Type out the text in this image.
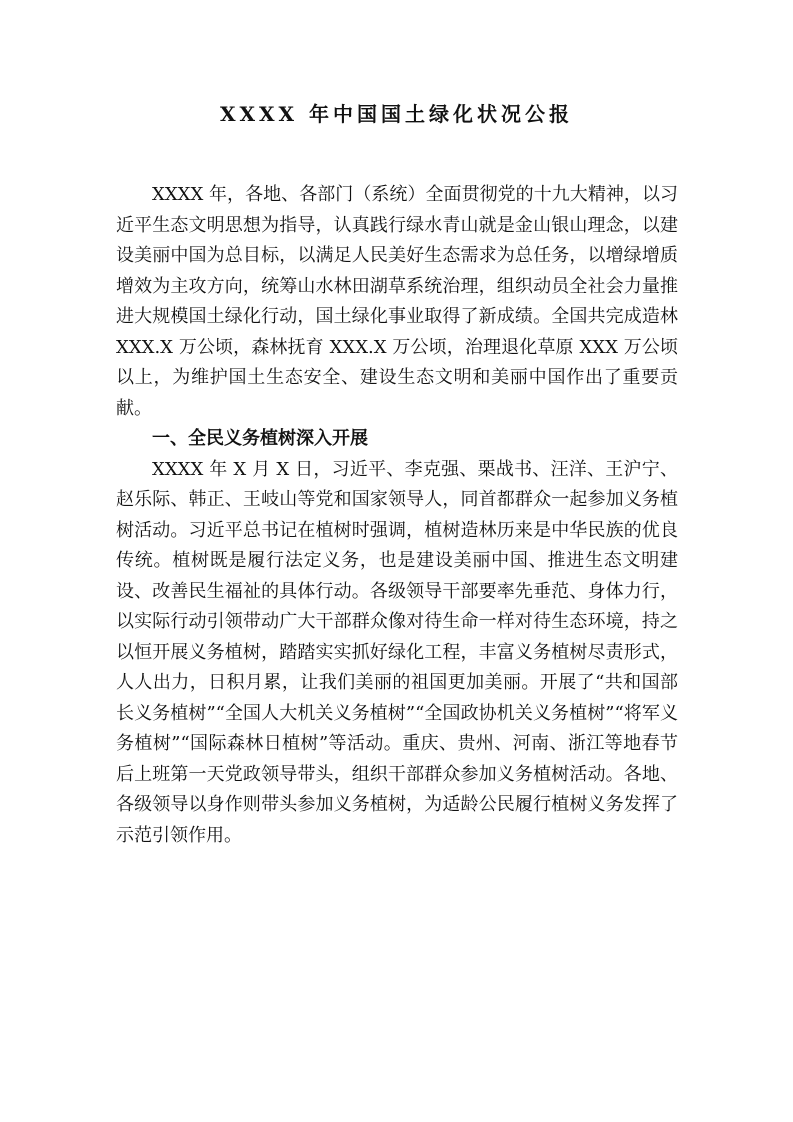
XXXX 年中国国土绿化状况公报

XXXX 年，各地、各部门（系统）全面贯彻党的十九大精神，以习近平生态文明思想为指导，认真践行绿水青山就是金山银山理念，以建设美丽中国为总目标，以满足人民美好生态需求为总任务，以增绿增质增效为主攻方向，统筹山水林田湖草系统治理，组织动员全社会力量推进大规模国土绿化行动，国土绿化事业取得了新成绩。全国共完成造林 XXX.X 万公顷，森林抚育 XXX.X 万公顷，治理退化草原 XXX 万公顷以上，为维护国土生态安全、建设生态文明和美丽中国作出了重要贡献。

一、全民义务植树深入开展

XXXX 年 X 月 X 日，习近平、李克强、栗战书、汪洋、王沪宁、赵乐际、韩正、王岐山等党和国家领导人，同首都群众一起参加义务植树活动。习近平总书记在植树时强调，植树造林历来是中华民族的优良传统。植树既是履行法定义务，也是建设美丽中国、推进生态文明建设、改善民生福祉的具体行动。各级领导干部要率先垂范、身体力行，以实际行动引领带动广大干部群众像对待生命一样对待生态环境，持之以恒开展义务植树，踏踏实实抓好绿化工程，丰富义务植树尽责形式，人人出力，日积月累，让我们美丽的祖国更加美丽。开展了“共和国部长义务植树”“全国人大机关义务植树”“全国政协机关义务植树”“将军义务植树”“国际森林日植树”等活动。重庆、贵州、河南、浙江等地春节后上班第一天党政领导带头，组织干部群众参加义务植树活动。各地、各级领导以身作则带头参加义务植树，为适龄公民履行植树义务发挥了示范引领作用。
